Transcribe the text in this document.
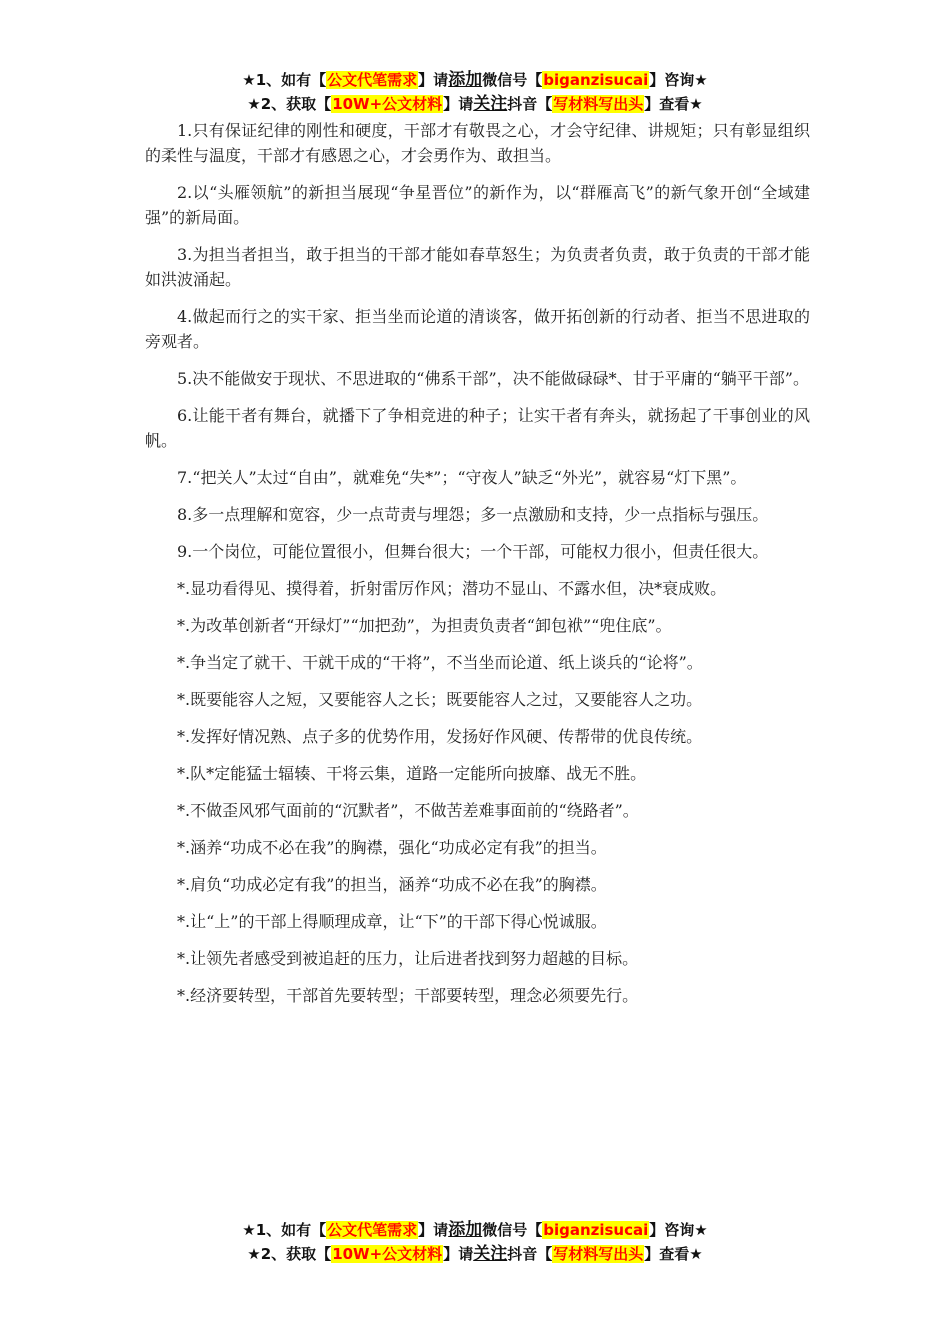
★1、如有【公文代笔需求】请添加微信号【biganzisucai】咨询★
★2、获取【10W+公文材料】请关注抖音【写材料写出头】查看★

1.只有保证纪律的刚性和硬度，干部才有敬畏之心，才会守纪律、讲规矩；只有彰显组织的柔性与温度，干部才有感恩之心，才会勇作为、敢担当。

2.以“头雁领航”的新担当展现“争星晋位”的新作为，以“群雁高飞”的新气象开创“全域建强”的新局面。

3.为担当者担当，敢于担当的干部才能如春草怒生；为负责者负责，敢于负责的干部才能如洪波涌起。

4.做起而行之的实干家、拒当坐而论道的清谈客，做开拓创新的行动者、拒当不思进取的旁观者。

5.决不能做安于现状、不思进取的“佛系干部”，决不能做碌碌*、甘于平庸的“躺平干部”。

6.让能干者有舞台，就播下了争相竞进的种子；让实干者有奔头，就扬起了干事创业的风帆。

7.“把关人”太过“自由”，就难免“失*”；“守夜人”缺乏“外光”，就容易“灯下黑”。

8.多一点理解和宽容，少一点苛责与埋怨；多一点激励和支持，少一点指标与强压。

9.一个岗位，可能位置很小，但舞台很大；一个干部，可能权力很小，但责任很大。

*.显功看得见、摸得着，折射雷厉作风；潜功不显山、不露水但，决*衰成败。

*.为改革创新者“开绿灯”“加把劲”，为担责负责者“卸包袱”“兜住底”。

*.争当定了就干、干就干成的“干将”，不当坐而论道、纸上谈兵的“论将”。

*.既要能容人之短，又要能容人之长；既要能容人之过，又要能容人之功。

*.发挥好情况熟、点子多的优势作用，发扬好作风硬、传帮带的优良传统。

*.队*定能猛士辐辏、干将云集，道路一定能所向披靡、战无不胜。

*.不做歪风邪气面前的“沉默者”，不做苦差难事面前的“绕路者”。

*.涵养“功成不必在我”的胸襟，强化“功成必定有我”的担当。

*.肩负“功成必定有我”的担当，涵养“功成不必在我”的胸襟。

*.让“上”的干部上得顺理成章，让“下”的干部下得心悦诚服。

*.让领先者感受到被追赶的压力，让后进者找到努力超越的目标。

*.经济要转型，干部首先要转型；干部要转型，理念必须要先行。

★1、如有【公文代笔需求】请添加微信号【biganzisucai】咨询★
★2、获取【10W+公文材料】请关注抖音【写材料写出头】查看★
